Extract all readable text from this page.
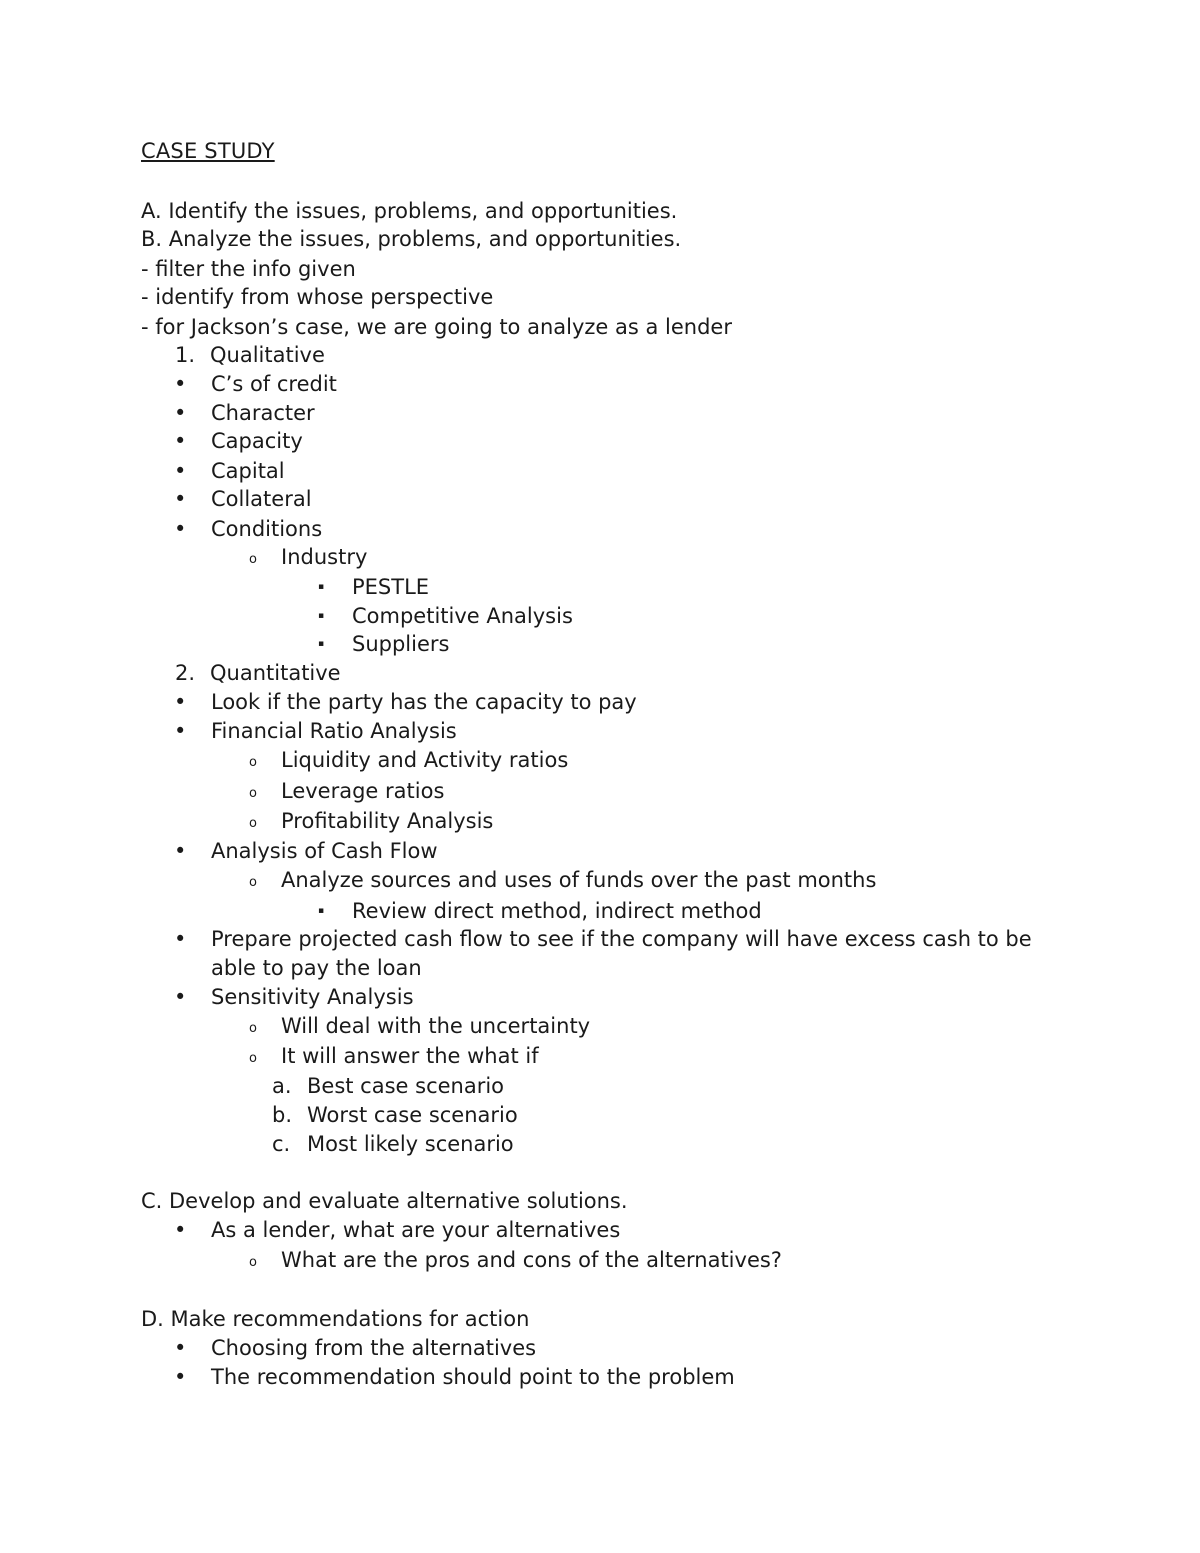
CASE STUDY
A. Identify the issues, problems, and opportunities.
B. Analyze the issues, problems, and opportunities.
- filter the info given
- identify from whose perspective
- for Jackson’s case, we are going to analyze as a lender
1. Qualitative
• C’s of credit
• Character
• Capacity
• Capital
• Collateral
• Conditions
o Industry
▪ PESTLE
▪ Competitive Analysis
▪ Suppliers
2. Quantitative
• Look if the party has the capacity to pay
• Financial Ratio Analysis
o Liquidity and Activity ratios
o Leverage ratios
o Profitability Analysis
• Analysis of Cash Flow
o Analyze sources and uses of funds over the past months
▪ Review direct method, indirect method
• Prepare projected cash flow to see if the company will have excess cash to be
able to pay the loan
• Sensitivity Analysis
o Will deal with the uncertainty
o It will answer the what if
a. Best case scenario
b. Worst case scenario
c. Most likely scenario
C. Develop and evaluate alternative solutions.
• As a lender, what are your alternatives
o What are the pros and cons of the alternatives?
D. Make recommendations for action
• Choosing from the alternatives
• The recommendation should point to the problem
